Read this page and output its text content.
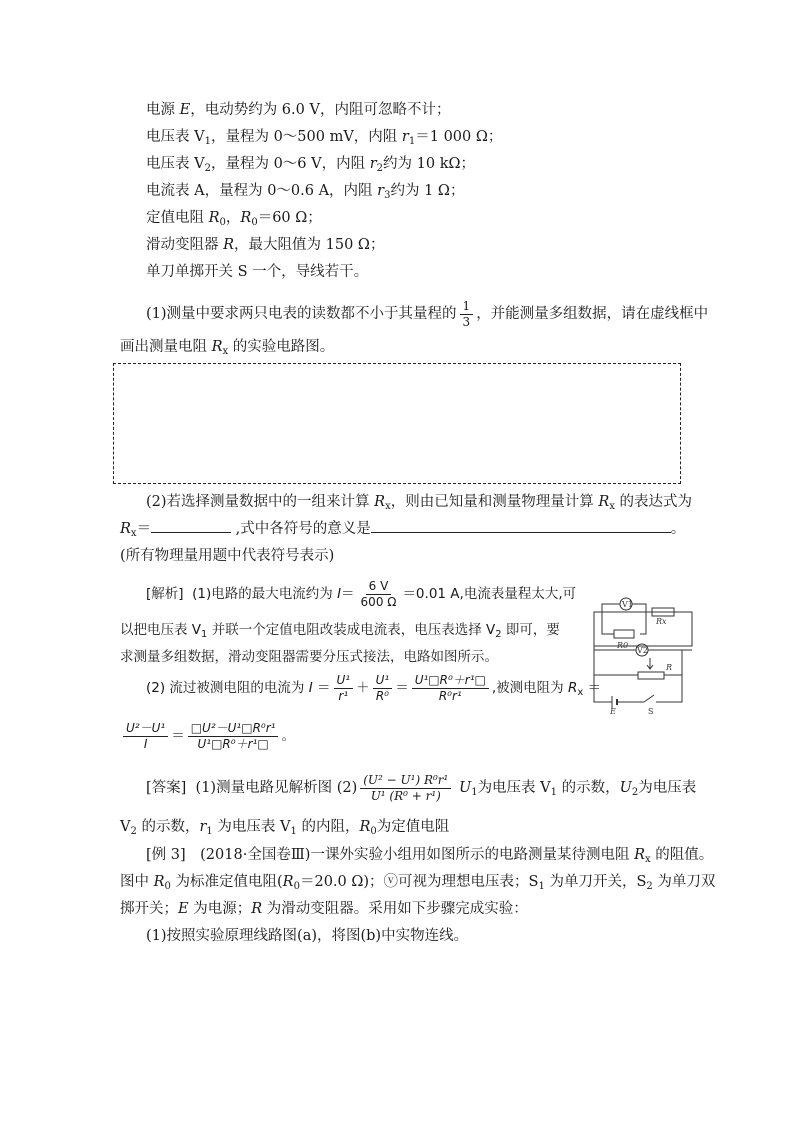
电源 E，电动势约为 6.0 V，内阻可忽略不计；
电压表 $V_1$，量程为 0～500 mV，内阻 $r_1=1$ 000 Ω；
电压表 $V_2$，量程为 0～6 V，内阻 $r_2$约为 10 kΩ；
电流表 A，量程为 0～0.6 A，内阻 $r_3$约为 1 Ω；
定值电阻 $R_0$，$R_0=60$ Ω；
滑动变阻器 R，最大阻值为 150 Ω；
单刀单掷开关 S 一个，导线若干。
(1)测量中要求两只电表的读数都不小于其量程的 $\frac{1}{3}$ ，并能测量多组数据，请在虚线框中
画出测量电阻 $R_x$ 的实验电路图。
(2)若选择测量数据中的一组来计算 $R_x$，则由已知量和测量物理量计算 $R_x$ 的表达式为
$R_x=$	,式中各符号的意义是	。
(所有物理量用题中代表符号表示)
[解析] (1)电路的最大电流约为 $I= \frac{6 V}{600 \Omega} =0.01$ A,电流表量程太大,可
以把电压表 $V_1$ 并联一个定值电阻改装成电流表，电压表选择 $V_2$ 即可，要
求测量多组数据，滑动变阻器需要分压式接法，电路如图所示。
(2) 流过被测电阻的电流为 $I = \frac{\text{U¹}}{\text{r¹}} + \frac{\text{U¹}}{\text{R⁰}} = \frac{\text{U¹□R⁰＋r¹□}}{\text{R⁰r¹}}$ ,被测电阻为 $R_x$ ＝
$\frac{\text{U²－U¹}}{I} = \frac{\text{□U²－U¹□R⁰r¹}}{\text{U¹□R⁰＋r¹□}}$ 。
V1
V2
R0
Rx
R
E	S
[答案] (1)测量电路见解析图 $(2) \frac{\text{(U² − U¹) R⁰r¹}}{\text{U¹ (R⁰ + r¹)}} U_1$为电压表 $V_1$ 的示数，$U_2$为电压表
$V_2$ 的示数，$r_1$ 为电压表 $V_1$ 的内阻，$R_0$为定值电阻
[例 3]　(2018·全国卷Ⅲ)一课外实验小组用如图所示的电路测量某待测电阻 $R_x$ 的阻值。
图中 $R_0$ 为标准定值电阻($R_0=20.0$ Ω)；ⓥ可视为理想电压表；$S_1$ 为单刀开关，$S_2$ 为单刀双
掷开关；E 为电源；R 为滑动变阻器。采用如下步骤完成实验：
(1)按照实验原理线路图(a)，将图(b)中实物连线。
